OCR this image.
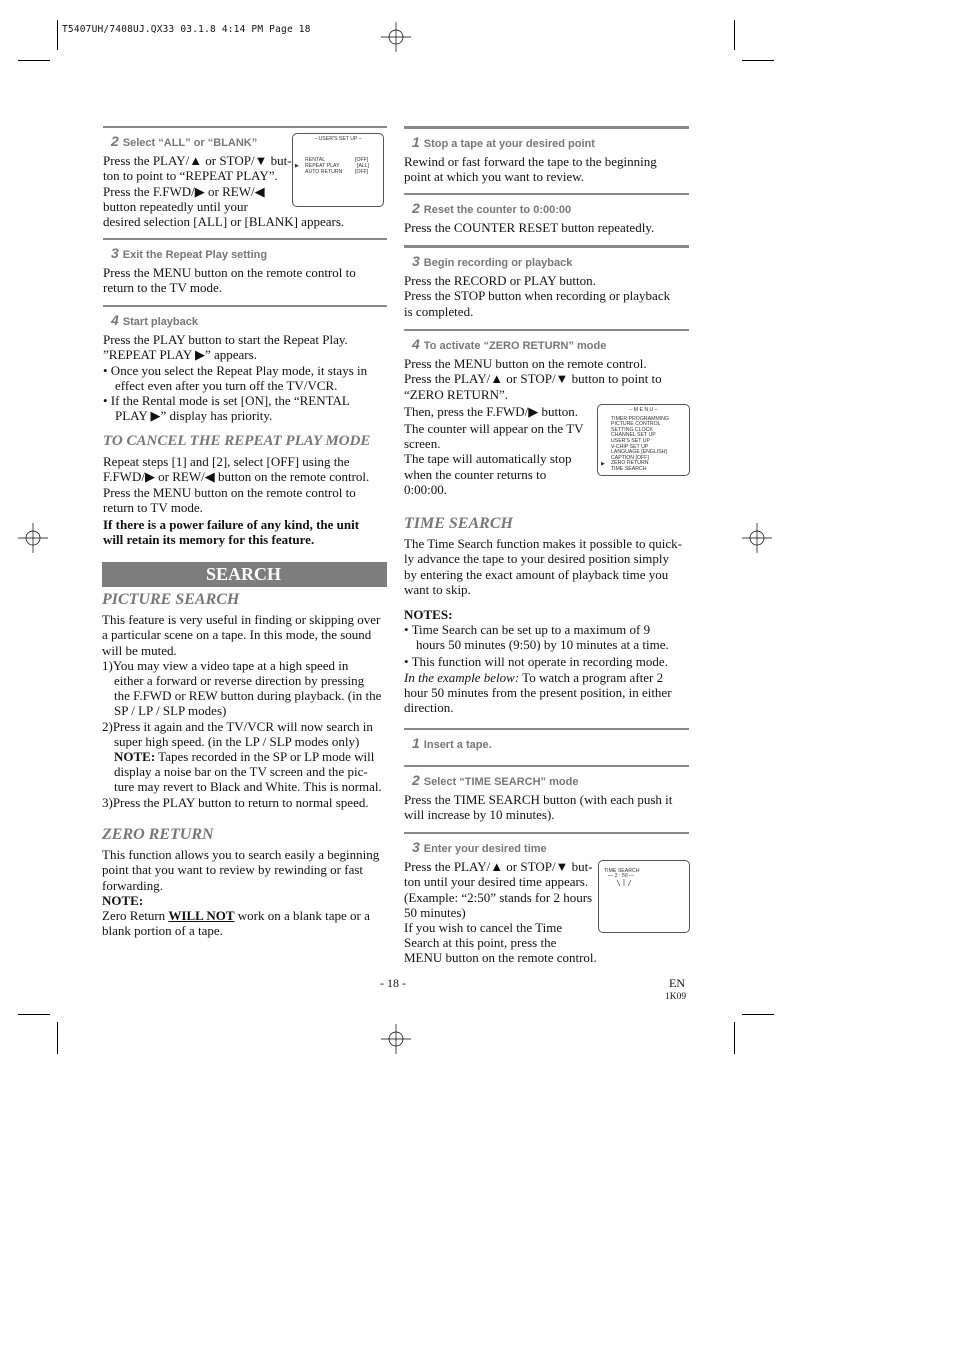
T5407UH/7408UJ.QX33 03.1.8 4:14 PM Page 18
2 Select “ALL” or “BLANK”

Press the PLAY/▲ or STOP/▼ but-

ton to point to “REPEAT PLAY”.

Press the F.FWD/▶ or REW/◀

button repeatedly until your

desired selection [ALL] or [BLANK] appears.

– USER'S SET UP –
RENTAL	[OFF]
▶ REPEAT PLAY	[ALL]
AUTO RETURN [OFF]
3 Exit the Repeat Play setting

Press the MENU button on the remote control to

return to the TV mode.

4 Start playback

Press the PLAY button to start the Repeat Play.

”REPEAT PLAY ▶” appears.

• Once you select the Repeat Play mode, it stays in

effect even after you turn off the TV/VCR.

• If the Rental mode is set [ON], the “RENTAL

PLAY ▶” display has priority.

TO CANCEL THE REPEAT PLAY MODE

Repeat steps [1] and [2], select [OFF] using the

F.FWD/▶ or REW/◀ button on the remote control.

Press the MENU button on the remote control to

return to TV mode.

If there is a power failure of any kind, the unit

will retain its memory for this feature.

SEARCH

PICTURE SEARCH

This feature is very useful in finding or skipping over

a particular scene on a tape. In this mode, the sound

will be muted.

1)You may view a video tape at a high speed in

either a forward or reverse direction by pressing

the F.FWD or REW button during playback. (in the

SP / LP / SLP modes)

2)Press it again and the TV/VCR will now search in

super high speed. (in the LP / SLP modes only)

NOTE: Tapes recorded in the SP or LP mode will

display a noise bar on the TV screen and the pic-

ture may revert to Black and White. This is normal.

3)Press the PLAY button to return to normal speed.

ZERO RETURN

This function allows you to search easily a beginning

point that you want to review by rewinding or fast

forwarding.

NOTE:

Zero Return WILL NOT work on a blank tape or a

blank portion of a tape.

1 Stop a tape at your desired point

Rewind or fast forward the tape to the beginning

point at which you want to review.

2 Reset the counter to 0:00:00

Press the COUNTER RESET button repeatedly.

3 Begin recording or playback

Press the RECORD or PLAY button.

Press the STOP button when recording or playback

is completed.

4 To activate “ZERO RETURN” mode

Press the MENU button on the remote control.

Press the PLAY/▲ or STOP/▼ button to point to

“ZERO RETURN”.

Then, press the F.FWD/▶ button.

The counter will appear on the TV

screen.

The tape will automatically stop

when the counter returns to

0:00:00.

– M E N U –
TIMER PROGRAMMING
PICTURE CONTROL
SETTING CLOCK
CHANNEL SET UP
USER'S SET UP
V-CHIP SET UP
LANGUAGE [ENGLISH]
CAPTION [OFF]
ZERO RETURN
TIME SEARCH
▶

TIME SEARCH

The Time Search function makes it possible to quick-

ly advance the tape to your desired position simply

by entering the exact amount of playback time you

want to skip.

NOTES:

• Time Search can be set up to a maximum of 9

hours 50 minutes (9:50) by 10 minutes at a time.

• This function will not operate in recording mode.

In the example below: To watch a program after 2

hour 50 minutes from the present position, in either

direction.

1 Insert a tape.
2 Select “TIME SEARCH” mode

Press the TIME SEARCH button (with each push it

will increase by 10 minutes).

3 Enter your desired time

Press the PLAY/▲ or STOP/▼ but-

ton until your desired time appears.

(Example: “2:50” stands for 2 hours

50 minutes)

If you wish to cancel the Time

Search at this point, press the

MENU button on the remote control.

TIME SEARCH
— 2 : 50 —
- 18 -	EN
1K09
